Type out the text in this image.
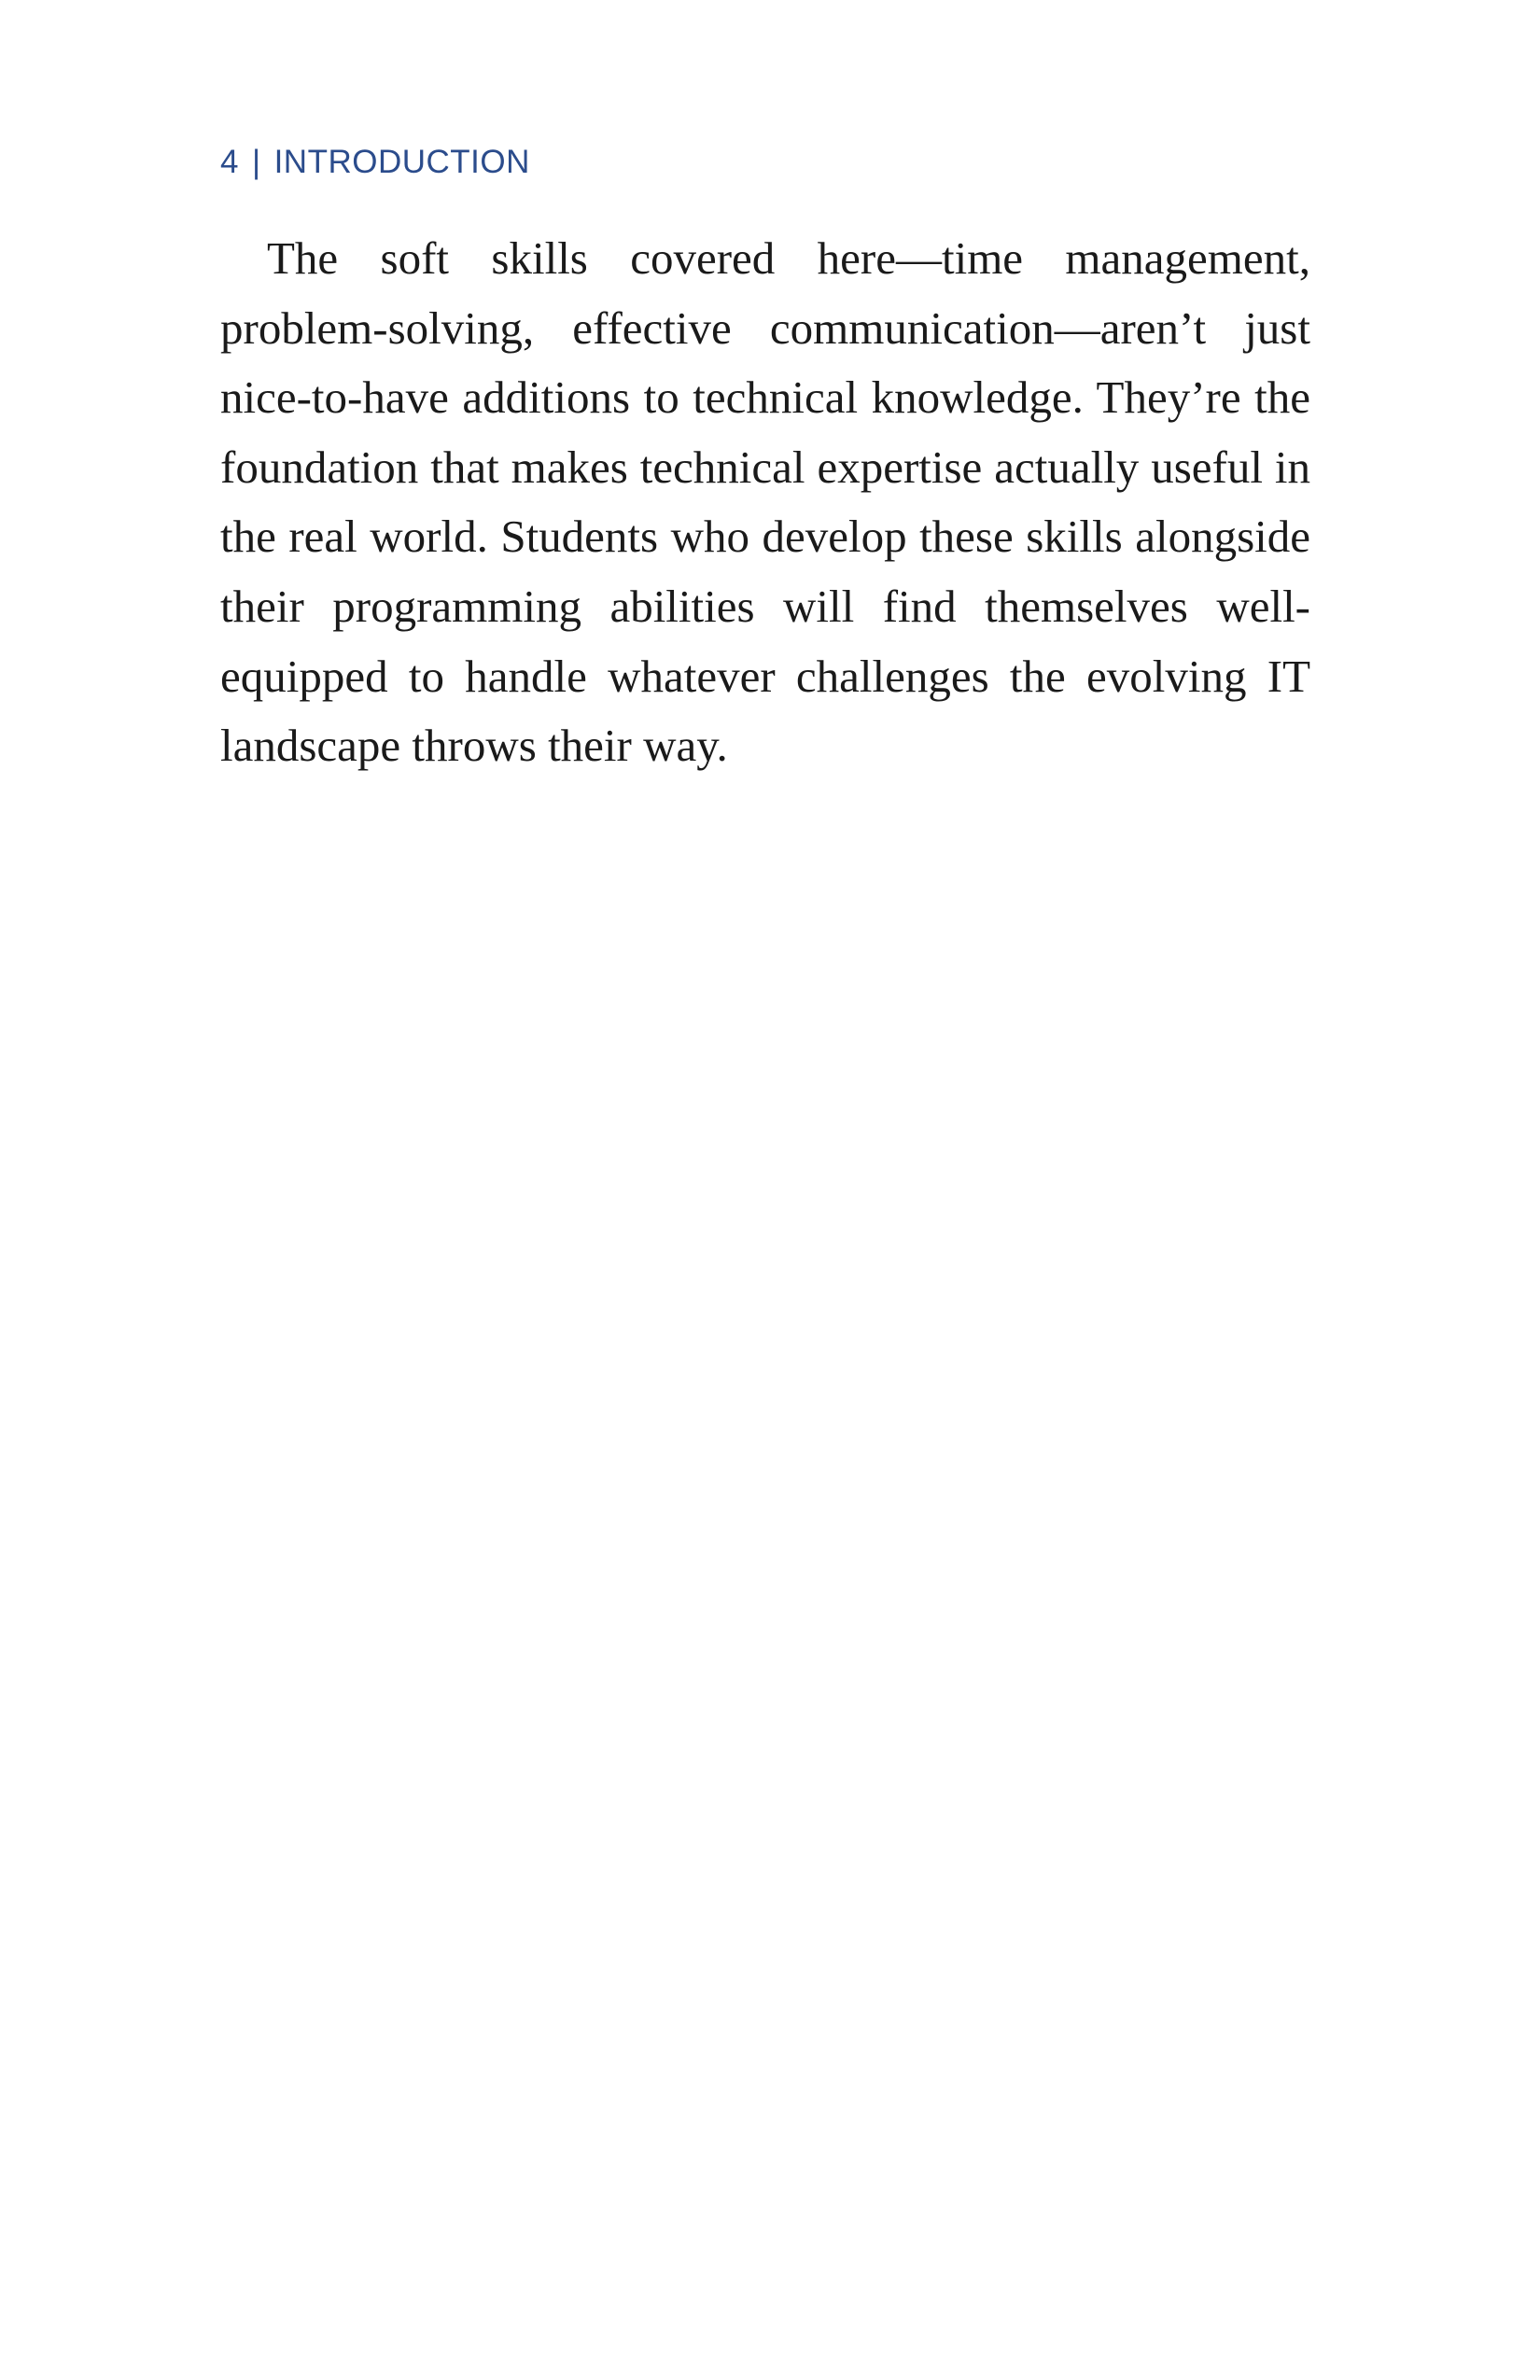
4 | INTRODUCTION

The soft skills covered here—time management, problem-solving, effective communication—aren’t just nice-to-have additions to technical knowledge. They’re the foundation that makes technical expertise actually useful in the real world. Students who develop these skills alongside their programming abilities will find themselves well-equipped to handle whatever challenges the evolving IT landscape throws their way.
